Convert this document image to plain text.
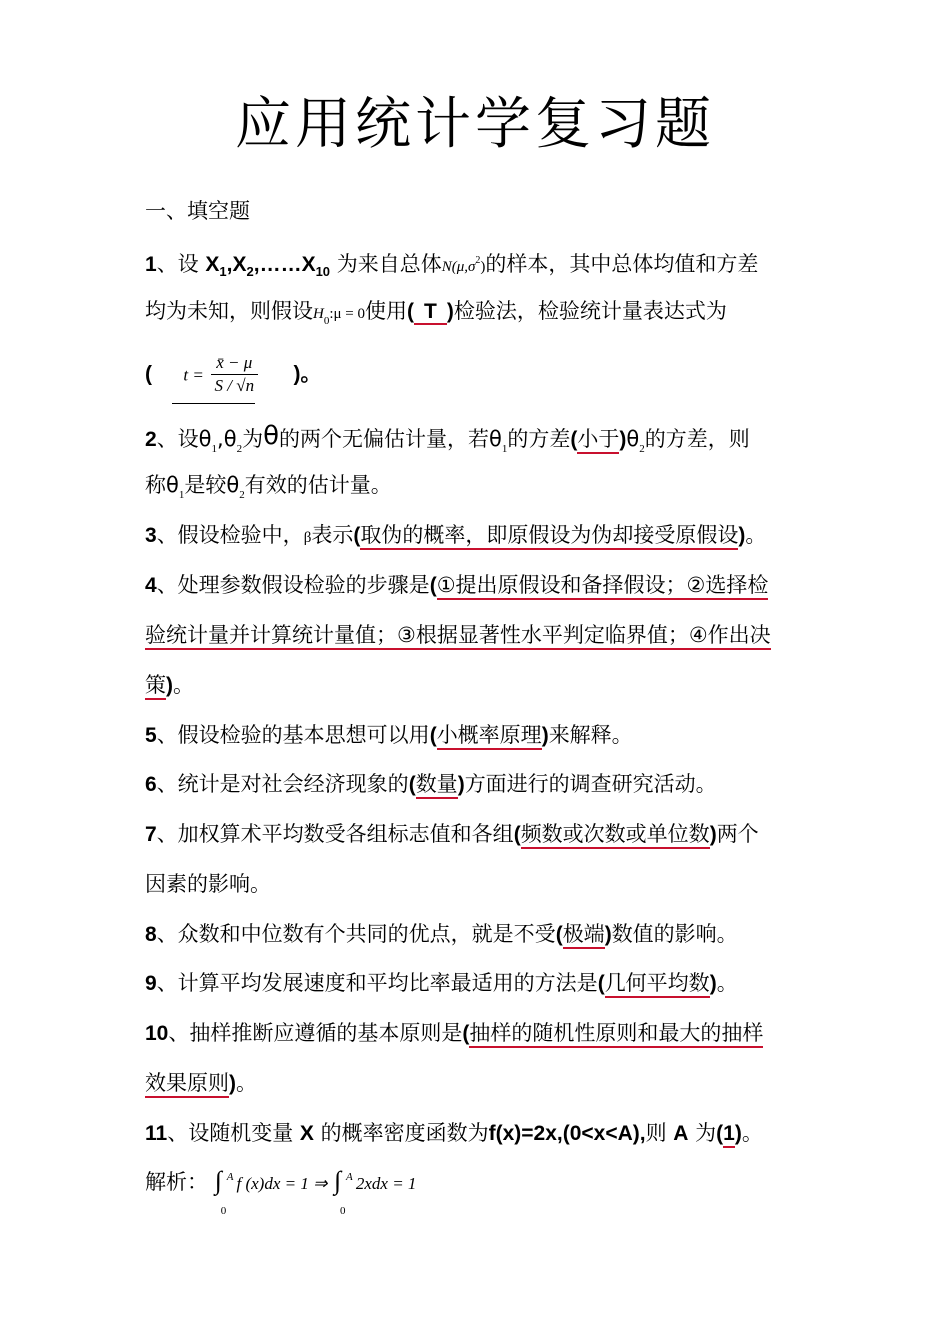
应用统计学复习题
一、填空题
1、设 $X_1,X_2,\dots\dots X_{10}$ 为来自总体$N(\mu,\sigma^2)$的样本，其中总体均值和方差
均为未知，则假设$H_0:\mu = 0$使用( T )检验法，检验统计量表达式为
( $t = \frac{x̄ - \mu}{S / √n}$ )。
2、设$\theta_1,\theta_2$为θ的两个无偏估计量，若$\theta_1$的方差(小于)$\theta_2$的方差，则
称$\theta_1$是较$\theta_2$有效的估计量。
3、假设检验中，β表示(取伪的概率，即原假设为伪却接受原假设)。
4、处理参数假设检验的步骤是(①提出原假设和备择假设；②选择检
验统计量并计算统计量值；③根据显著性水平判定临界值；④作出决
策)。
5、假设检验的基本思想可以用(小概率原理)来解释。
6、统计是对社会经济现象的(数量)方面进行的调查研究活动。
7、加权算术平均数受各组标志值和各组(频数或次数或单位数)两个
因素的影响。
8、众数和中位数有个共同的优点，就是不受(极端)数值的影响。
9、计算平均发展速度和平均比率最适用的方法是(几何平均数)。
10、抽样推断应遵循的基本原则是(抽样的随机性原则和最大的抽样
效果原则)。
11、设随机变量 X 的概率密度函数为f(x)=2x,(0<x<A),则 A 为(1)。
解析： ∫ A
0
f (x)dx = 1 ⇒ ∫ A
0
2xdx = 1
